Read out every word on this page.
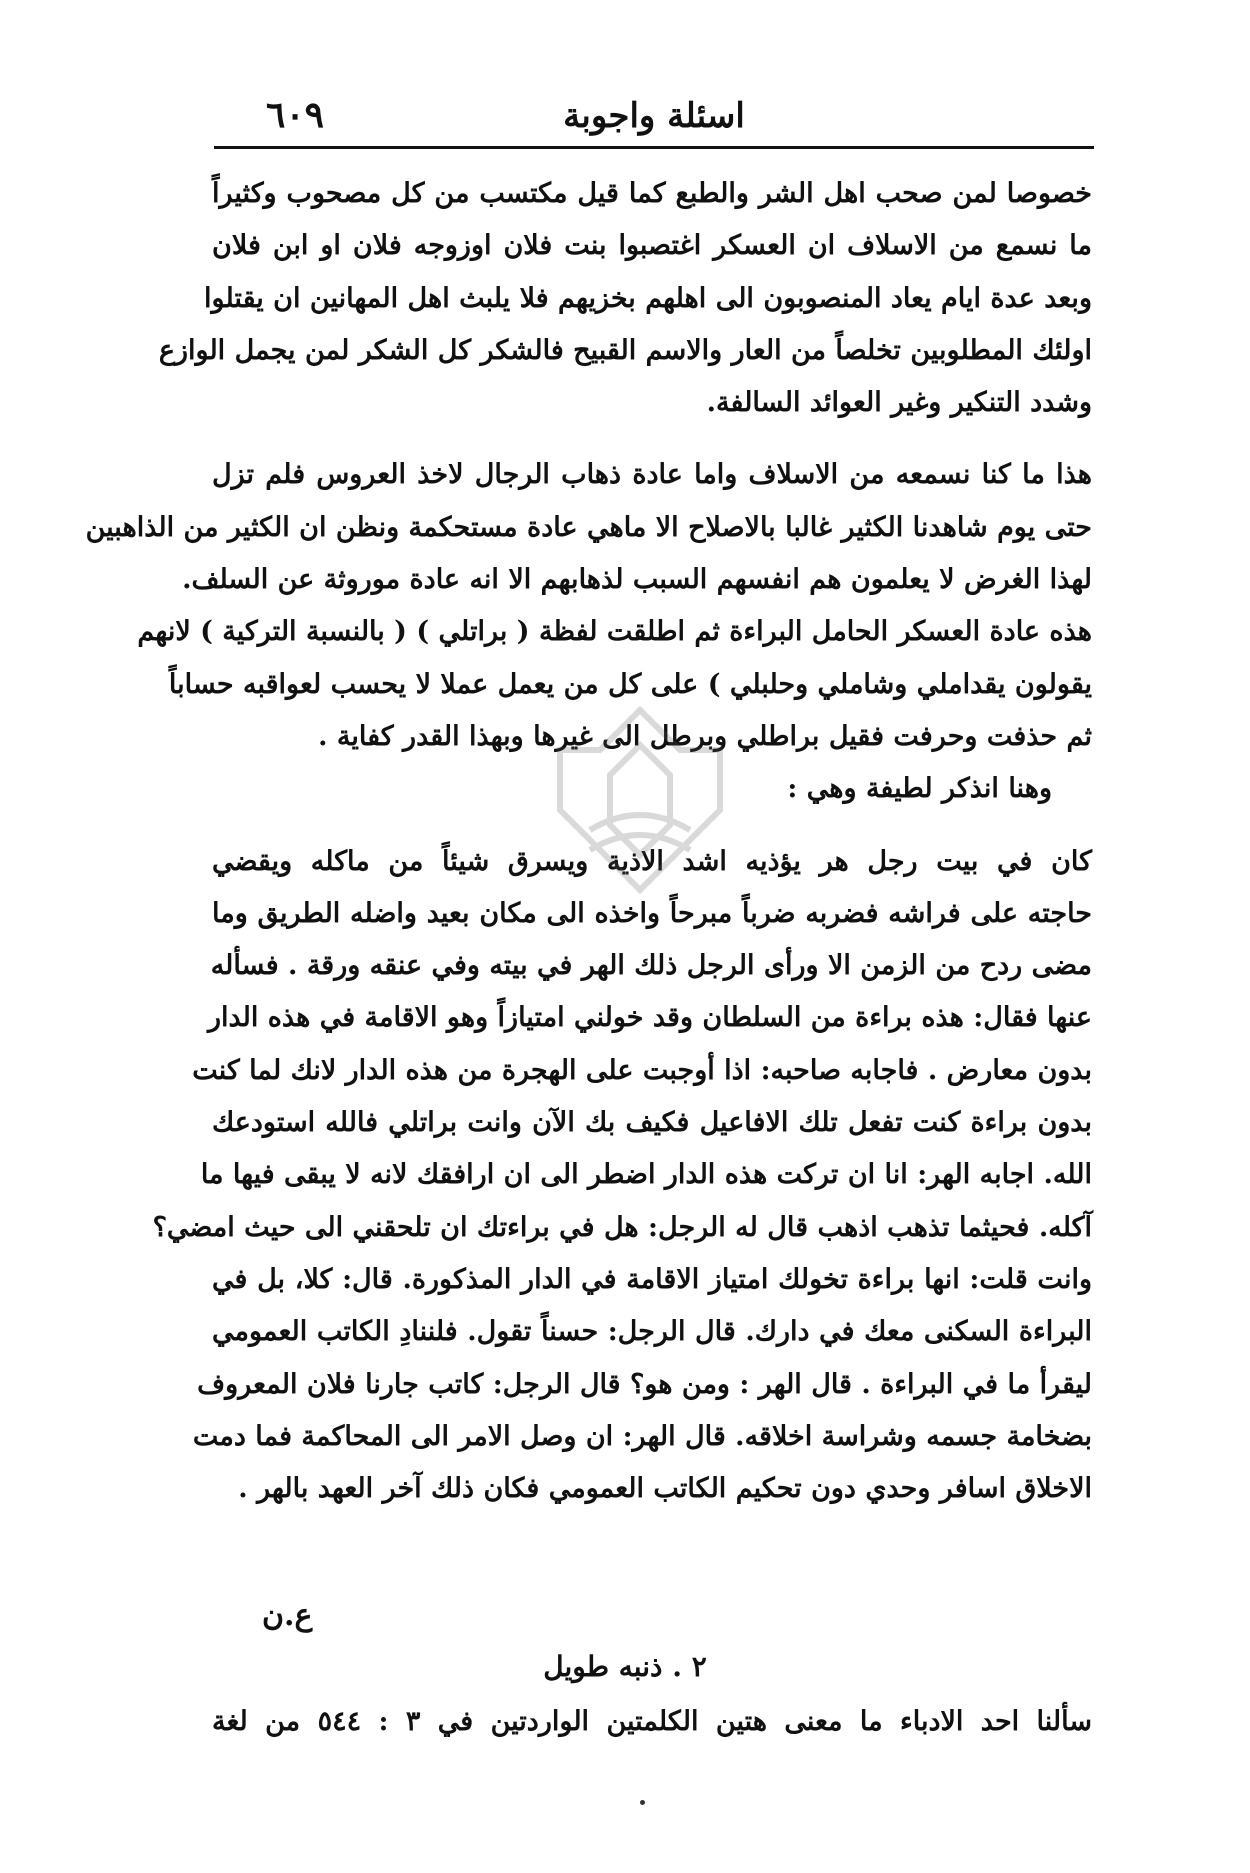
اسئلة واجوبة
٦٠٩
خصوصا لمن صحب اهل الشر والطبع كما قيل مكتسب من كل مصحوب وكثيراً
ما نسمع من الاسلاف ان العسكر اغتصبوا بنت فلان اوزوجه فلان او ابن فلان
وبعد عدة ايام يعاد المنصوبون الى اهلهم بخزيهم فلا يلبث اهل المهانين ان يقتلوا
اولئك المطلوبين تخلصاً من العار والاسم القبيح فالشكر كل الشكر لمن يجمل الوازع
وشدد التنكير وغير العوائد السالفة.
هذا ما كنا نسمعه من الاسلاف واما عادة ذهاب الرجال لاخذ العروس فلم تزل
حتى يوم شاهدنا الكثير غالبا بالاصلاح الا ماهي عادة مستحكمة ونظن ان الكثير من الذاهبين
لهذا الغرض لا يعلمون هم انفسهم السبب لذهابهم الا انه عادة موروثة عن السلف.
هذه عادة العسكر الحامل البراءة ثم اطلقت لفظة ( براتلي ) ( بالنسبة التركية ) لانهم
يقولون يقداملي وشاملي وحلبلي ) على كل من يعمل عملا لا يحسب لعواقبه حساباً
ثم حذفت وحرفت فقيل براطلي وبرطل الى غيرها وبهذا القدر كفاية .
وهنا انذكر لطيفة وهي :
كان في بيت رجل هر يؤذيه اشد الاذية ويسرق شيئاً من ماكله ويقضي
حاجته على فراشه فضربه ضرباً مبرحاً واخذه الى مكان بعيد واضله الطريق وما
مضى ردح من الزمن الا ورأى الرجل ذلك الهر في بيته وفي عنقه ورقة . فسأله
عنها فقال: هذه براءة من السلطان وقد خولني امتيازاً وهو الاقامة في هذه الدار
بدون معارض . فاجابه صاحبه: اذا أوجبت على الهجرة من هذه الدار لانك لما كنت
بدون براءة كنت تفعل تلك الافاعيل فكيف بك الآن وانت براتلي فالله استودعك
الله. اجابه الهر: انا ان تركت هذه الدار اضطر الى ان ارافقك لانه لا يبقى فيها ما
آكله. فحيثما تذهب اذهب قال له الرجل: هل في براءتك ان تلحقني الى حيث امضي؟
وانت قلت: انها براءة تخولك امتياز الاقامة في الدار المذكورة. قال: كلا، بل في
البراءة السكنى معك في دارك. قال الرجل: حسناً تقول. فلننادِ الكاتب العمومي
ليقرأ ما في البراءة . قال الهر : ومن هو؟ قال الرجل: كاتب جارنا فلان المعروف
بضخامة جسمه وشراسة اخلاقه. قال الهر: ان وصل الامر الى المحاكمة فما دمت
الاخلاق اسافر وحدي دون تحكيم الكاتب العمومي فكان ذلك آخر العهد بالهر .
ع.ن
٢ . ذنبه طويل
سألنا احد الادباء ما معنى هتين الكلمتين الواردتين في ٣ : ٥٤٤ من لغة
